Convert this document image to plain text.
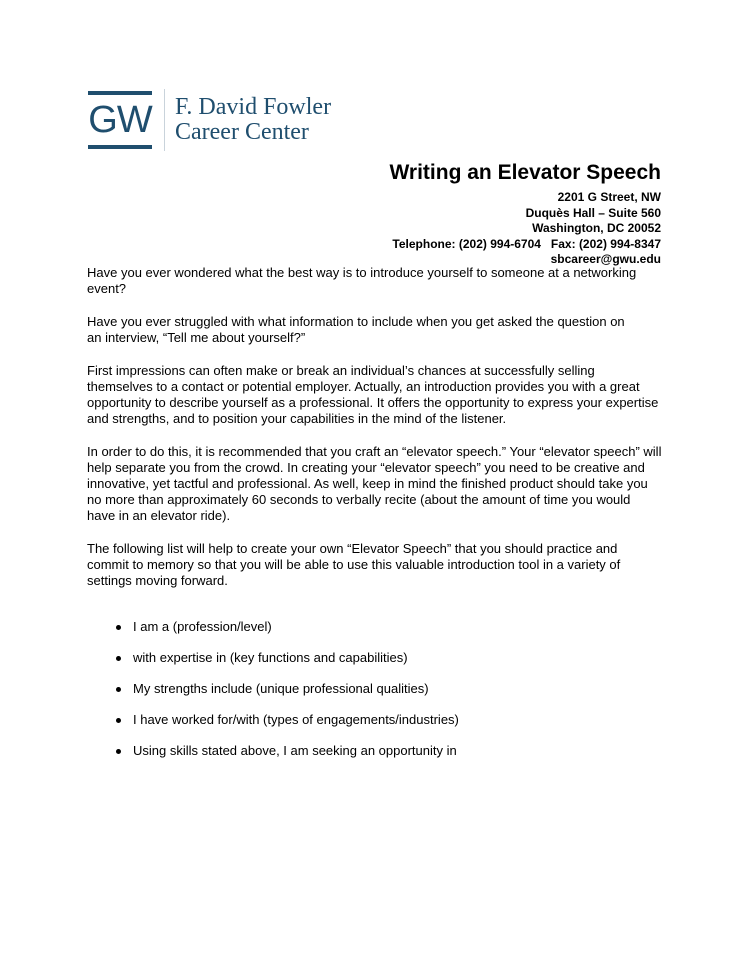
GW F. David Fowler
Career Center
Writing an Elevator Speech
2201 G Street, NW
Duquès Hall – Suite 560
Washington, DC 20052
Telephone: (202) 994-6704   Fax: (202) 994-8347
sbcareer@gwu.edu

Have you ever wondered what the best way is to introduce yourself to someone at a networking event?

Have you ever struggled with what information to include when you get asked the question on an interview, “Tell me about yourself?”

First impressions can often make or break an individual’s chances at successfully selling themselves to a contact or potential employer. Actually, an introduction provides you with a great opportunity to describe yourself as a professional. It offers the opportunity to express your expertise and strengths, and to position your capabilities in the mind of the listener.

In order to do this, it is recommended that you craft an “elevator speech.” Your “elevator speech” will help separate you from the crowd. In creating your “elevator speech” you need to be creative and innovative, yet tactful and professional. As well, keep in mind the finished product should take you no more than approximately 60 seconds to verbally recite (about the amount of time you would have in an elevator ride).

The following list will help to create your own “Elevator Speech” that you should practice and commit to memory so that you will be able to use this valuable introduction tool in a variety of settings moving forward.

I am a (profession/level)
with expertise in (key functions and capabilities)
My strengths include (unique professional qualities)
I have worked for/with (types of engagements/industries)
Using skills stated above, I am seeking an opportunity in
